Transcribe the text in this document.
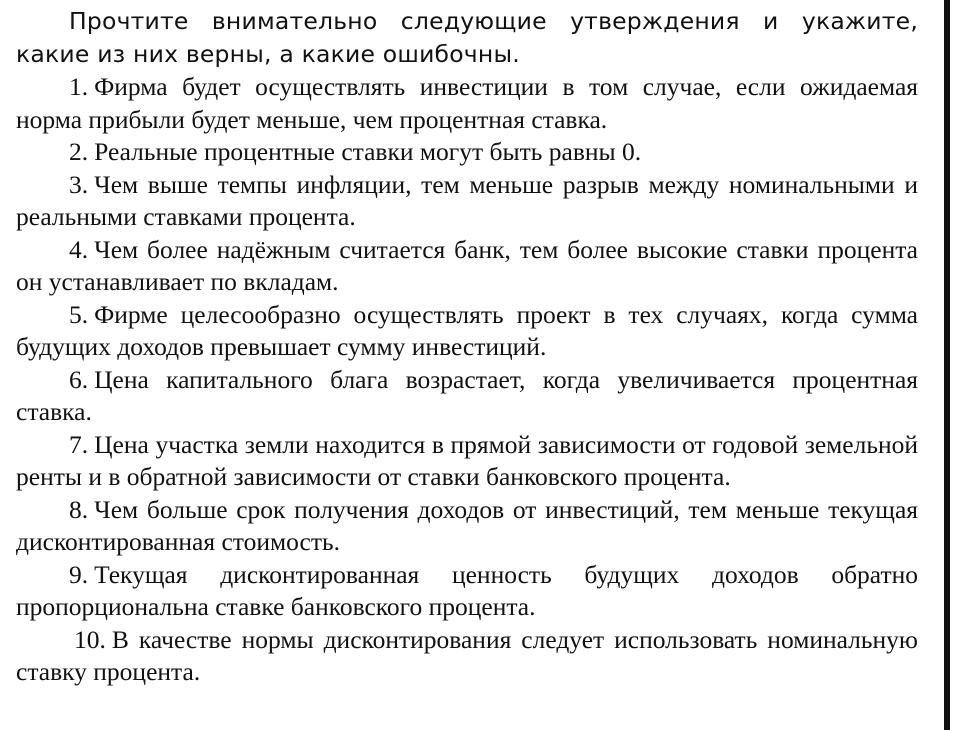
Прочтите внимательно следующие утверждения и укажите, какие из них верны, а какие ошибочны.

1. Фирма будет осуществлять инвестиции в том случае, если ожидаемая норма прибыли будет меньше, чем процентная ставка.

2. Реальные процентные ставки могут быть равны 0.

3. Чем выше темпы инфляции, тем меньше разрыв между номинальными и реальными ставками процента.

4. Чем более надёжным считается банк, тем более высокие ставки процента он устанавливает по вкладам.

5. Фирме целесообразно осуществлять проект в тех случаях, когда сумма будущих доходов превышает сумму инвестиций.

6. Цена капитального блага возрастает, когда увеличивается процентная ставка.

7. Цена участка земли находится в прямой зависимости от годовой земельной ренты и в обратной зависимости от ставки банковского процента.

8. Чем больше срок получения доходов от инвестиций, тем меньше текущая дисконтированная стоимость.

9. Текущая дисконтированная ценность будущих доходов обратно пропорциональна ставке банковского процента.

10. В качестве нормы дисконтирования следует использовать номинальную ставку процента.
